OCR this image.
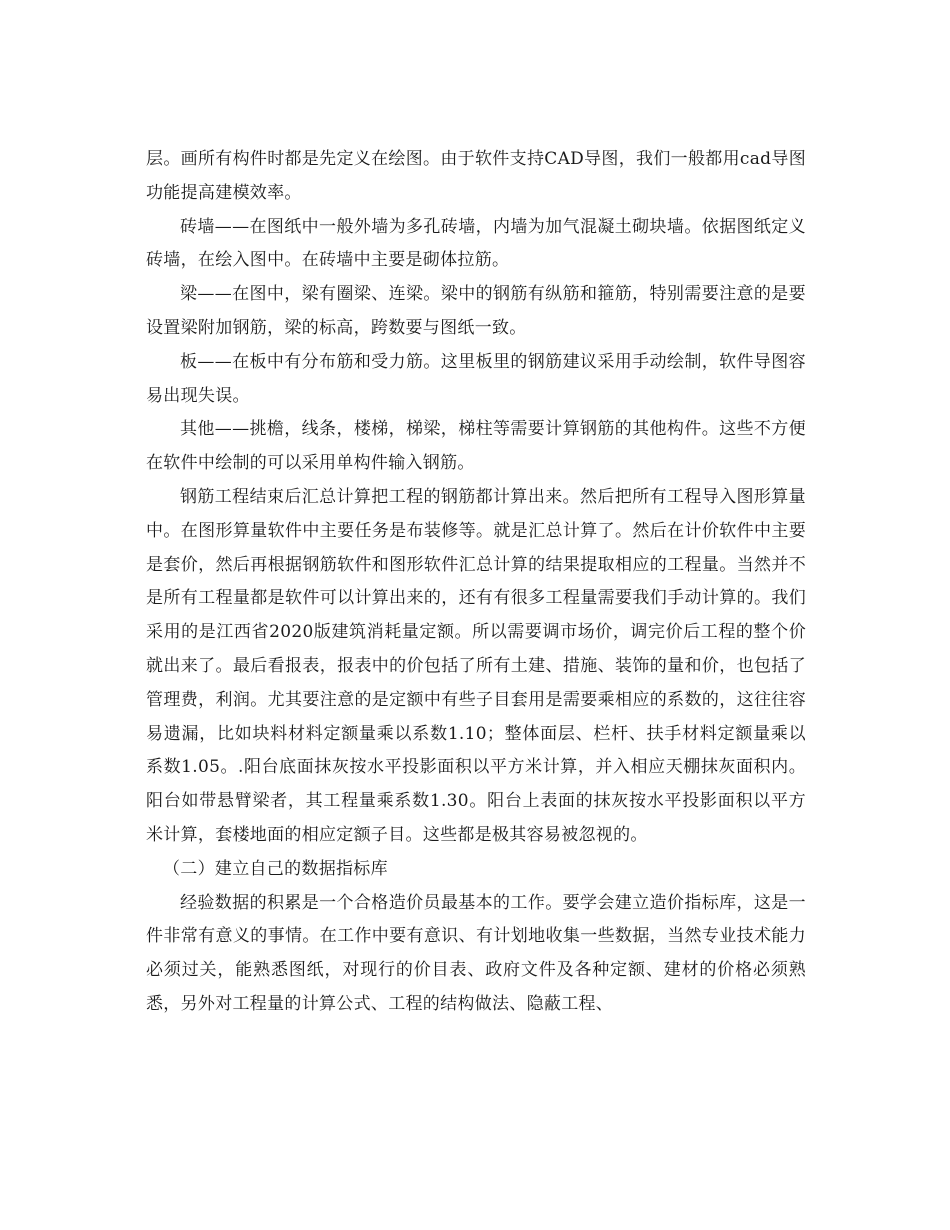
层。画所有构件时都是先定义在绘图。由于软件支持CAD导图，我们一般都用cad导图功能提高建模效率。

砖墙——在图纸中一般外墙为多孔砖墙，内墙为加气混凝土砌块墙。依据图纸定义砖墙，在绘入图中。在砖墙中主要是砌体拉筋。

梁——在图中，梁有圈梁、连梁。梁中的钢筋有纵筋和箍筋，特别需要注意的是要设置梁附加钢筋，梁的标高，跨数要与图纸一致。

板——在板中有分布筋和受力筋。这里板里的钢筋建议采用手动绘制，软件导图容易出现失误。

其他——挑檐，线条，楼梯，梯梁，梯柱等需要计算钢筋的其他构件。这些不方便在软件中绘制的可以采用单构件输入钢筋。

钢筋工程结束后汇总计算把工程的钢筋都计算出来。然后把所有工程导入图形算量中。在图形算量软件中主要任务是布装修等。就是汇总计算了。然后在计价软件中主要是套价，然后再根据钢筋软件和图形软件汇总计算的结果提取相应的工程量。当然并不是所有工程量都是软件可以计算出来的，还有有很多工程量需要我们手动计算的。我们采用的是江西省2020版建筑消耗量定额。所以需要调市场价，调完价后工程的整个价就出来了。最后看报表，报表中的价包括了所有土建、措施、装饰的量和价，也包括了管理费，利润。尤其要注意的是定额中有些子目套用是需要乘相应的系数的，这往往容易遗漏，比如块料材料定额量乘以系数1.10；整体面层、栏杆、扶手材料定额量乘以系数1.05。.阳台底面抹灰按水平投影面积以平方米计算，并入相应天棚抹灰面积内。阳台如带悬臂梁者，其工程量乘系数1.30。阳台上表面的抹灰按水平投影面积以平方米计算，套楼地面的相应定额子目。这些都是极其容易被忽视的。

（二）建立自己的数据指标库

经验数据的积累是一个合格造价员最基本的工作。要学会建立造价指标库，这是一件非常有意义的事情。在工作中要有意识、有计划地收集一些数据，当然专业技术能力必须过关，能熟悉图纸，对现行的价目表、政府文件及各种定额、建材的价格必须熟悉，另外对工程量的计算公式、工程的结构做法、隐蔽工程、
